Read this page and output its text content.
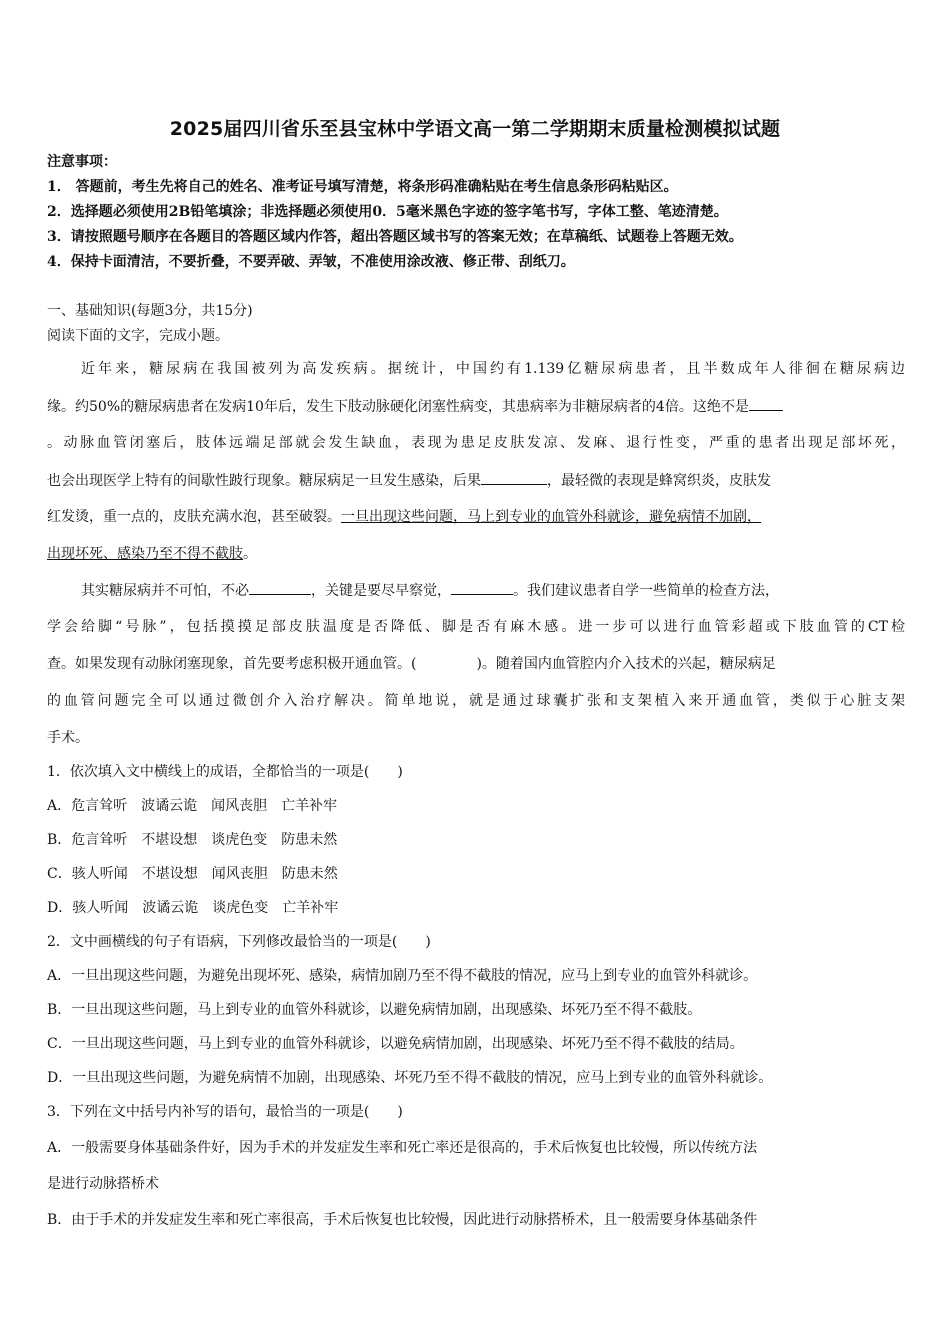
2025届四川省乐至县宝林中学语文高一第二学期期末质量检测模拟试题
注意事项：
1． 答题前，考生先将自己的姓名、准考证号填写清楚，将条形码准确粘贴在考生信息条形码粘贴区。
2．选择题必须使用2B铅笔填涂；非选择题必须使用0．5毫米黑色字迹的签字笔书写，字体工整、笔迹清楚。
3．请按照题号顺序在各题目的答题区域内作答，超出答题区域书写的答案无效；在草稿纸、试题卷上答题无效。
4．保持卡面清洁，不要折叠，不要弄破、弄皱，不准使用涂改液、修正带、刮纸刀。
一、基础知识(每题3分，共15分)
阅读下面的文字，完成小题。
近年来，糖尿病在我国被列为高发疾病。据统计，中国约有1.139亿糖尿病患者，且半数成年人徘徊在糖尿病边
缘。约50%的糖尿病患者在发病10年后，发生下肢动脉硬化闭塞性病变，其患病率为非糖尿病者的4倍。这绝不是
。动脉血管闭塞后，肢体远端足部就会发生缺血，表现为患足皮肤发凉、发麻、退行性变，严重的患者出现足部坏死，
也会出现医学上特有的间歇性跛行现象。糖尿病足一旦发生感染，后果	，最轻微的表现是蜂窝织炎，皮肤发
红发烫，重一点的，皮肤充满水泡，甚至破裂。一旦出现这些问题，马上到专业的血管外科就诊，避免病情不加剧，
出现坏死、感染乃至不得不截肢。
其实糖尿病并不可怕，不必	，关键是要尽早察觉，	。我们建议患者自学一些简单的检查方法，
学会给脚“号脉”，包括摸摸足部皮肤温度是否降低、脚是否有麻木感。进一步可以进行血管彩超或下肢血管的CT检
查。如果发现有动脉闭塞现象，首先要考虑积极开通血管。(	)。随着国内血管腔内介入技术的兴起，糖尿病足
的血管问题完全可以通过微创介入治疗解决。简单地说，就是通过球囊扩张和支架植入来开通血管，类似于心脏支架
手术。
1．依次填入文中横线上的成语，全都恰当的一项是(　　)
A．危言耸听 波谲云诡 闻风丧胆 亡羊补牢
B．危言耸听 不堪设想 谈虎色变 防患未然
C．骇人听闻 不堪设想 闻风丧胆 防患未然
D．骇人听闻 波谲云诡 谈虎色变 亡羊补牢
2．文中画横线的句子有语病，下列修改最恰当的一项是(　　)
A．一旦出现这些问题，为避免出现坏死、感染，病情加剧乃至不得不截肢的情况，应马上到专业的血管外科就诊。
B．一旦出现这些问题，马上到专业的血管外科就诊，以避免病情加剧，出现感染、坏死乃至不得不截肢。
C．一旦出现这些问题，马上到专业的血管外科就诊，以避免病情加剧，出现感染、坏死乃至不得不截肢的结局。
D．一旦出现这些问题，为避免病情不加剧，出现感染、坏死乃至不得不截肢的情况，应马上到专业的血管外科就诊。
3．下列在文中括号内补写的语句，最恰当的一项是(　　)
A．一般需要身体基础条件好，因为手术的并发症发生率和死亡率还是很高的，手术后恢复也比较慢，所以传统方法
是进行动脉搭桥术
B．由于手术的并发症发生率和死亡率很高，手术后恢复也比较慢，因此进行动脉搭桥术，且一般需要身体基础条件
